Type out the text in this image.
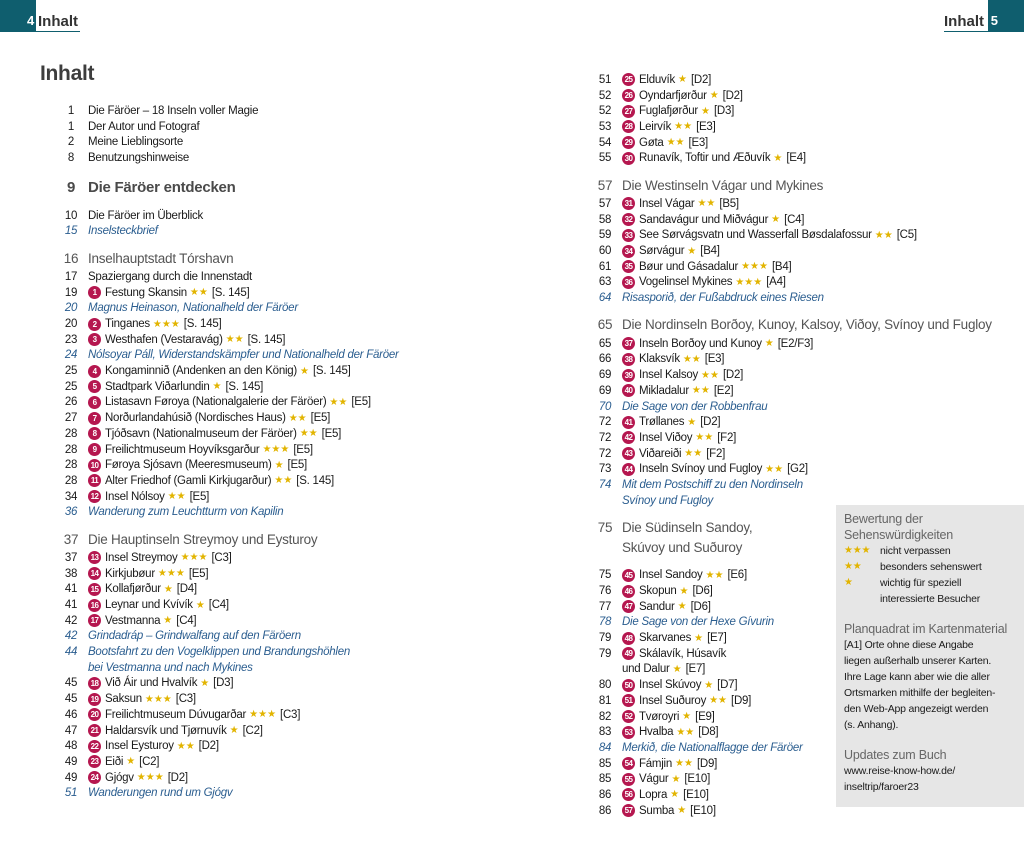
4 Inhalt	5
Inhalt
Inhalt
1	Die Färöer – 18 Inseln voller Magie
1	Der Autor und Fotograf
2	Meine Lieblingsorte
8	Benutzungshinweise
9 Die Färöer entdecken
10 Die Färöer im Überblick
15 Inselsteckbrief
16 Inselhauptstadt Tórshavn
17 Spaziergang durch die Innenstadt
19	1 Festung Skansin ★★ [S. 145]
20 Magnus Heinason, Nationalheld der Färöer
20	2 Tinganes ★★★ [S. 145]
23	3 Westhafen (Vestaravág) ★★ [S. 145]
24 Nólsoyar Páll, Widerstandskämpfer und Nationalheld der Färöer
25	4 Kongaminnið (Andenken an den König) ★ [S. 145]
25	5 Stadtpark Viðarlundin ★ [S. 145]
26	6 Listasavn Føroya (Nationalgalerie der Färöer) ★★ [E5]
27	7 Norðurlandahúsið (Nordisches Haus) ★★ [E5]
28	8 Tjóðsavn (Nationalmuseum der Färöer) ★★ [E5]
28	9 Freilichtmuseum Hoyvíksgarður ★★★ [E5]
28	10 Føroya Sjósavn (Meeresmuseum) ★ [E5]
28	11 Alter Friedhof (Gamli Kirkjugarður) ★★ [S. 145]
34	12 Insel Nólsoy ★★ [E5]
36 Wanderung zum Leuchtturm von Kapilin
37 Die Hauptinseln Streymoy und Eysturoy
37	13 Insel Streymoy ★★★ [C3]
38	14 Kirkjubøur ★★★ [E5]
41	15 Kollafjørður ★ [D4]
41	16 Leynar und Kvívík ★ [C4]
42	17 Vestmanna ★ [C4]
42 Grindadráp – Grindwalfang auf den Färöern
44 Bootsfahrt zu den Vogelklippen und Brandungshöhlen
bei Vestmanna und nach Mykines
45	18 Við Áir und Hvalvík ★ [D3]
45	19 Saksun ★★★ [C3]
46	20 Freilichtmuseum Dúvugarðar ★★★ [C3]
47	21 Haldarsvík und Tjørnuvík ★ [C2]
48	22 Insel Eysturoy ★★ [D2]
49	23 Eiði ★ [C2]
49	24 Gjógv ★★★ [D2]
51 Wanderungen rund um Gjógv
51	25 Elduvík ★ [D2]
52	26 Oyndarfjørður ★ [D2]
52	27 Fuglafjørður ★ [D3]
53	28 Leirvík ★★ [E3]
54	29 Gøta ★★ [E3]
55	30 Runavík, Toftir und Æðuvík ★ [E4]
57 Die Westinseln Vágar und Mykines
57	31 Insel Vágar ★★ [B5]
58	32 Sandavágur und Miðvágur ★ [C4]
59	33 See Sørvágsvatn und Wasserfall Bøsdalafossur ★★ [C5]
60	34 Sørvágur ★ [B4]
61	35 Bøur und Gásadalur ★★★ [B4]
63	36 Vogelinsel Mykines ★★★ [A4]
64 Risasporið, der Fußabdruck eines Riesen
65 Die Nordinseln Borðoy, Kunoy, Kalsoy, Viðoy, Svínoy und Fugloy
65	37 Inseln Borðoy und Kunoy ★ [E2/F3]
66	38 Klaksvík ★★ [E3]
69	39 Insel Kalsoy ★★ [D2]
69	40 Mikladalur ★★ [E2]
70 Die Sage von der Robbenfrau
72	41 Trøllanes ★ [D2]
72	42 Insel Viðoy ★★ [F2]
72	43 Viðareiði ★★ [F2]
73	44 Inseln Svínoy und Fugloy ★★ [G2]
74 Mit dem Postschiff zu den Nordinseln
Svínoy und Fugloy
75 Die Südinseln Sandoy,
Skúvoy und Suðuroy
75	45 Insel Sandoy ★★ [E6]
76	46 Skopun ★ [D6]
77	47 Sandur ★ [D6]
78 Die Sage von der Hexe Gívurin
79	48 Skarvanes ★ [E7]
79	49 Skálavík, Húsavík
und Dalur ★ [E7]
80	50 Insel Skúvoy ★ [D7]
81	51 Insel Suðuroy ★★ [D9]
82	52 Tvøroyri ★ [E9]
83	53 Hvalba ★★ [D8]
84 Merkið, die Nationalflagge der Färöer
85	54 Fámjin ★★ [D9]
85	55 Vágur ★ [E10]
86	56 Lopra ★ [E10]
86	57 Sumba ★ [E10]

Bewertung der

Sehenswürdigkeiten

★★★ nicht verpassen
★★	besonders sehenswert
★	wichtig für speziell
interessierte Besucher

Planquadrat im Kartenmaterial

[A1] Orte ohne diese Angabe
liegen außerhalb unserer Karten.
Ihre Lage kann aber wie die aller
Ortsmarken mithilfe der begleiten-
den Web-App angezeigt werden
(s. Anhang).

Updates zum Buch

www.reise-know-how.de/
inseltrip/faroer23
